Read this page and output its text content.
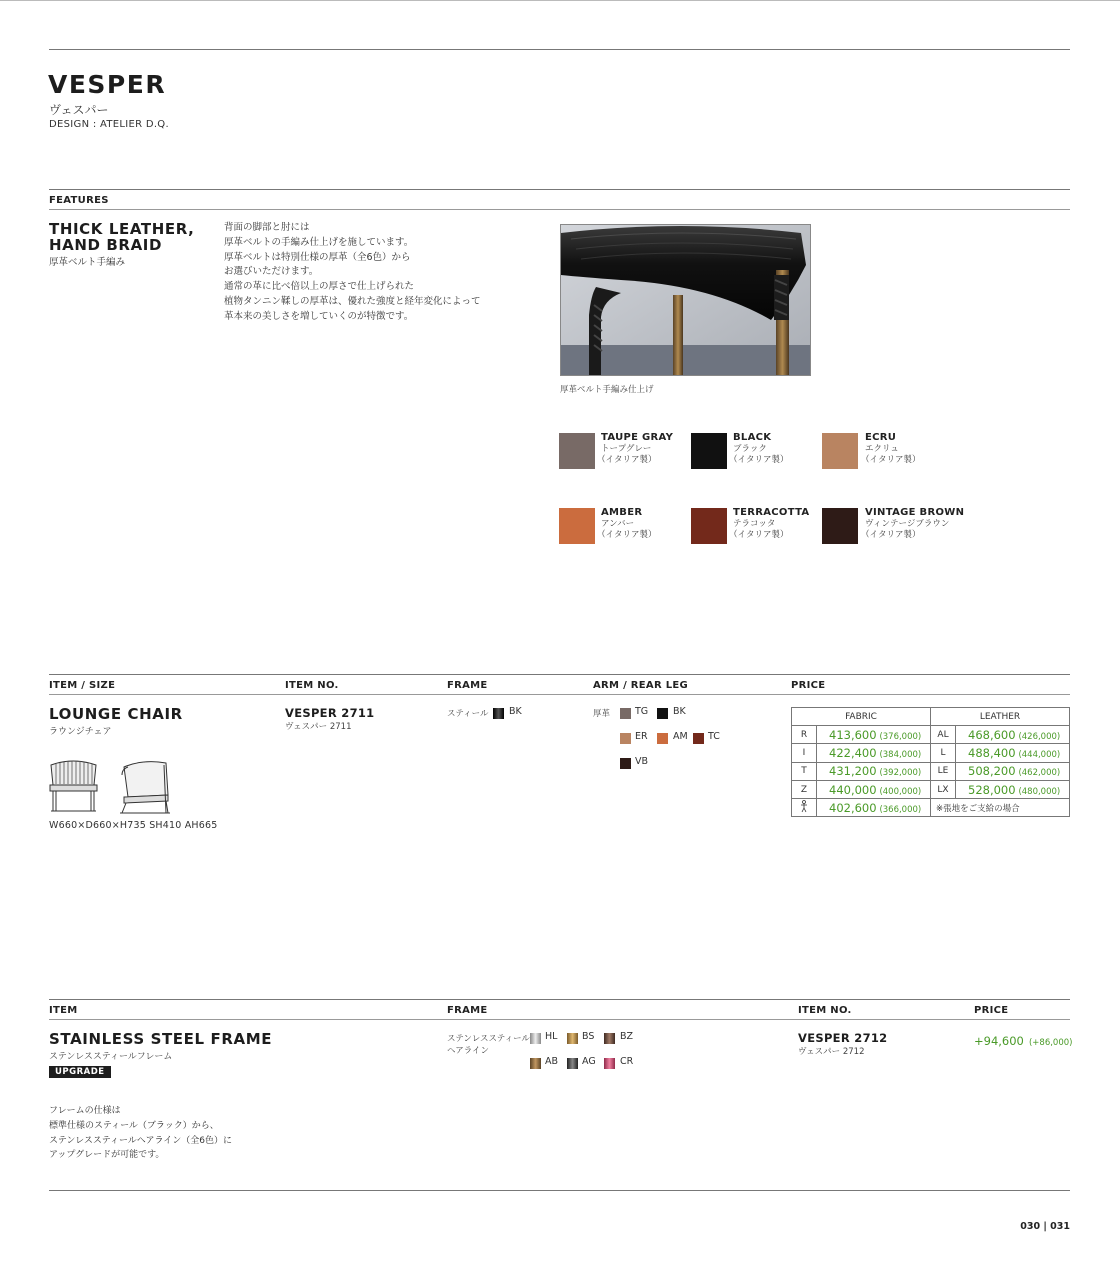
VESPER
ヴェスパー
DESIGN : ATELIER D.Q.
FEATURES
THICK LEATHER,
HAND BRAID
厚革ベルト手編み
背面の脚部と肘には
厚革ベルトの手編み仕上げを施しています。
厚革ベルトは特別仕様の厚革（全6色）から
お選びいただけます。
通常の革に比べ倍以上の厚さで仕上げられた
植物タンニン鞣しの厚革は、優れた強度と経年変化によって
革本来の美しさを増していくのが特徴です。
厚革ベルト手編み仕上げ
TAUPE GRAY
トープグレー
（イタリア製）
BLACK
ブラック
（イタリア製）
ECRU
エクリュ
（イタリア製）
AMBER
アンバー
（イタリア製）
TERRACOTTA
テラコッタ
（イタリア製）
VINTAGE BROWN
ヴィンテージブラウン
（イタリア製）
ITEM / SIZE	ITEM NO.	FRAME	ARM / REAR LEG	PRICE
LOUNGE CHAIR
ラウンジチェア
W660×D660×H735 SH410 AH665
VESPER 2711
ヴェスパー 2711
スティール BK	厚革	TG	BK
ER	AM TC
VB
FABRIC		LEATHER	
R	413,600 (376,000)	AL	468,600 (426,000)
I	422,400 (384,000)	L	488,400 (444,000)
T	431,200 (392,000)	LE	508,200 (462,000)
Z	440,000 (400,000)	LX	528,000 (480,000)
	402,600 (366,000)	※張地をご支給の場合	
ITEM	FRAME	ITEM NO.	PRICE
STAINLESS STEEL FRAME
ステンレススティールフレーム
UPGRADE
ステンレススティール
ヘアライン
HL	BS	BZ
AB	AG	CR
VESPER 2712
ヴェスパー 2712
+94,600 (+86,000)
フレームの仕様は
標準仕様のスティール（ブラック）から、
ステンレススティールヘアライン（全6色）に
アップグレードが可能です。
030 | 031
